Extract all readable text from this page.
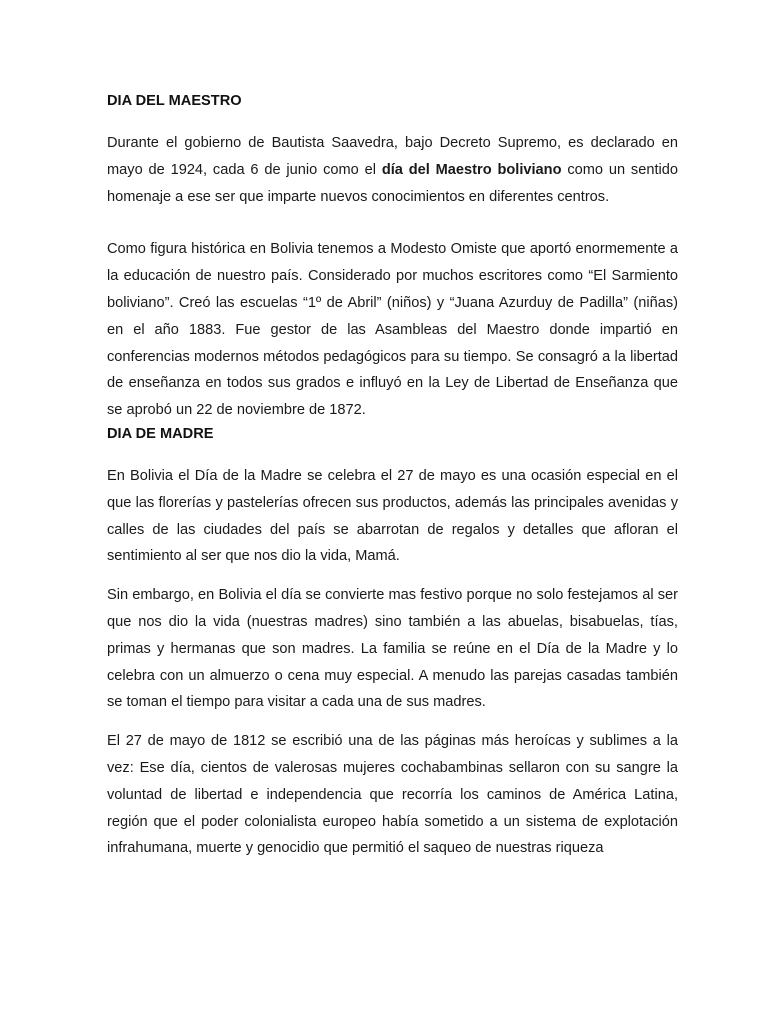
DIA DEL MAESTRO

Durante el gobierno de Bautista Saavedra, bajo Decreto Supremo, es declarado en mayo de 1924, cada 6 de junio como el día del Maestro boliviano como un sentido homenaje a ese ser que imparte nuevos conocimientos en diferentes centros.

Como figura histórica en Bolivia tenemos a Modesto Omiste que aportó enormemente a la educación de nuestro país. Considerado por muchos escritores como “El Sarmiento boliviano”. Creó las escuelas “1º de Abril” (niños) y “Juana Azurduy de Padilla” (niñas) en el año 1883. Fue gestor de las Asambleas del Maestro donde impartió en conferencias modernos métodos pedagógicos para su tiempo. Se consagró a la libertad de enseñanza en todos sus grados e influyó en la Ley de Libertad de Enseñanza que se aprobó un 22 de noviembre de 1872.

DIA DE MADRE

En Bolivia el Día de la Madre se celebra el 27 de mayo es una ocasión especial en el que las florerías y pastelerías ofrecen sus productos, además las principales avenidas y calles de las ciudades del país se abarrotan de regalos y detalles que afloran el sentimiento al ser que nos dio la vida, Mamá.

Sin embargo, en Bolivia el día se convierte mas festivo porque no solo festejamos al ser que nos dio la vida (nuestras madres) sino también a las abuelas, bisabuelas, tías, primas y hermanas que son madres. La familia se reúne en el Día de la Madre y lo celebra con un almuerzo o cena muy especial. A menudo las parejas casadas también se toman el tiempo para visitar a cada una de sus madres.

El 27 de mayo de 1812 se escribió una de las páginas más heroícas y sublimes a la vez: Ese día, cientos de valerosas mujeres cochabambinas sellaron con su sangre la voluntad de libertad e independencia que recorría los caminos de América Latina, región que el poder colonialista europeo había sometido a un sistema de explotación infrahumana, muerte y genocidio que permitió el saqueo de nuestras riqueza
